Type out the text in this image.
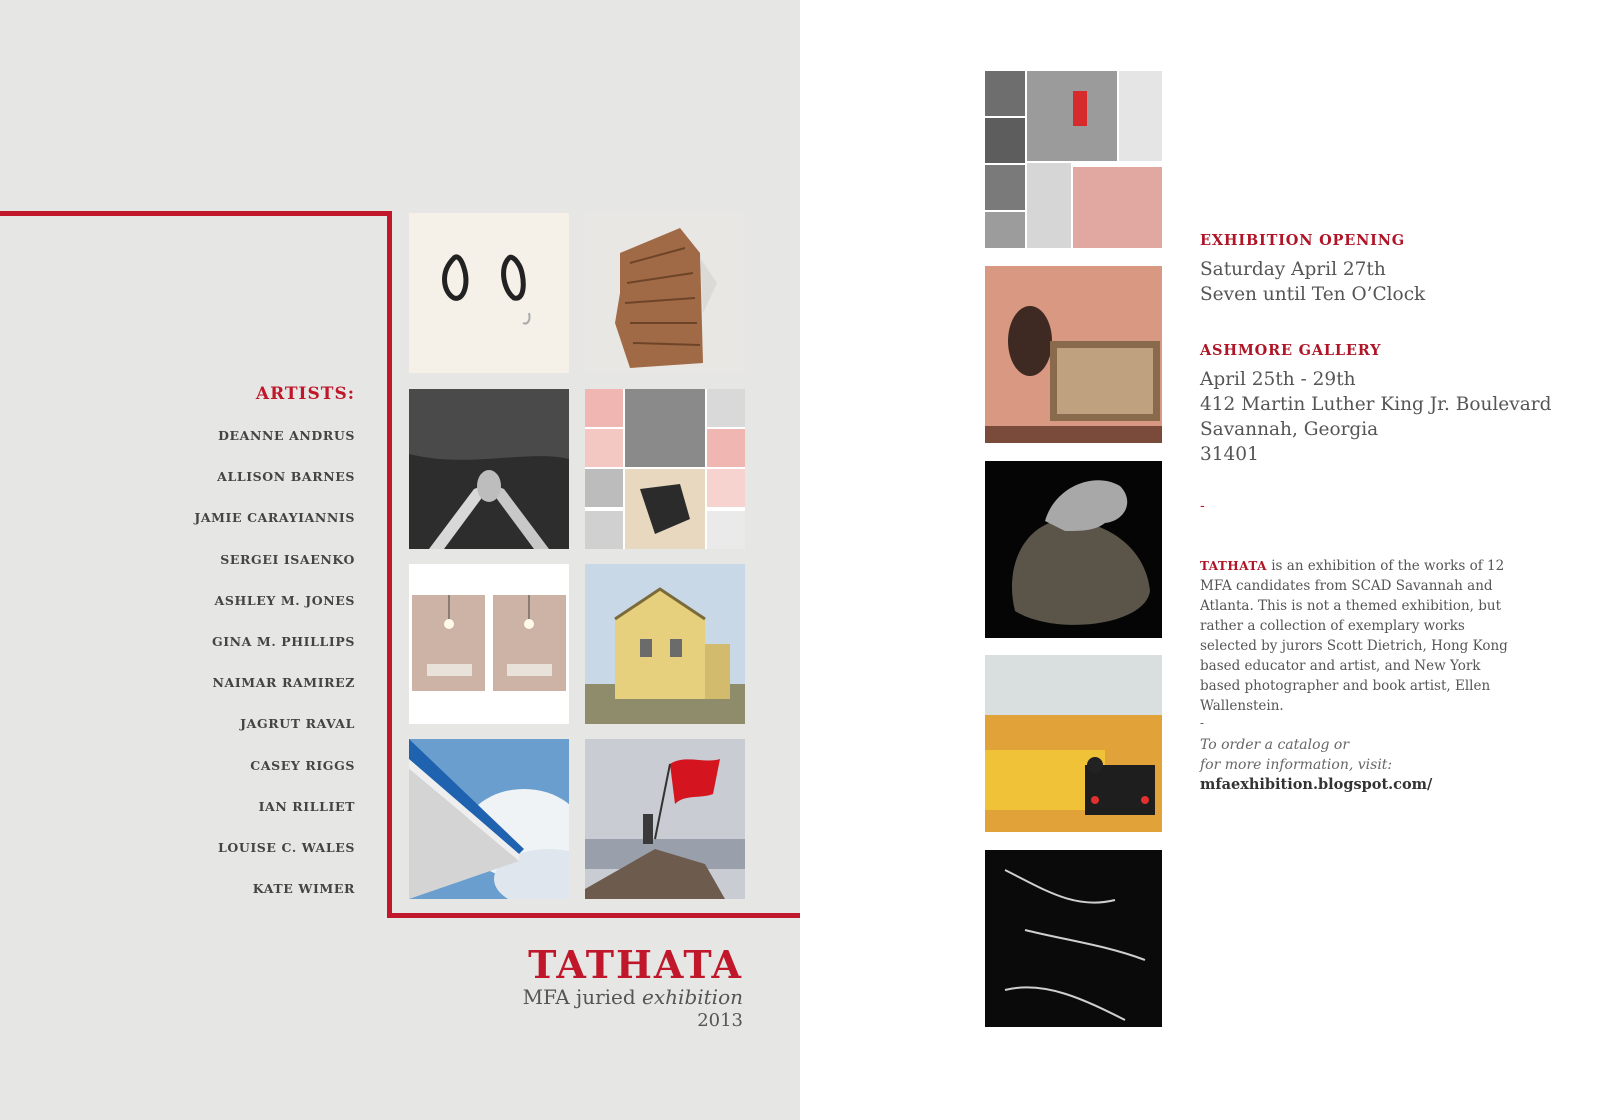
ARTISTS:
DEANNE ANDRUS
ALLISON BARNES
JAMIE CARAYIANNIS
SERGEI ISAENKO
ASHLEY M. JONES
GINA M. PHILLIPS
NAIMAR RAMIREZ
JAGRUT RAVAL
CASEY RIGGS
IAN RILLIET
LOUISE C. WALES
KATE WIMER
TATHATA
MFA juried exhibition
2013
EXHIBITION OPENING
Saturday April 27th
Seven until Ten O’Clock
ASHMORE GALLERY
April 25th - 29th
412 Martin Luther King Jr. Boulevard
Savannah, Georgia
31401
-
TATHATA is an exhibition of the works of 12 MFA candidates from SCAD Savannah and Atlanta. This is not a themed exhibition, but rather a collection of exemplary works selected by jurors Scott Dietrich, Hong Kong based educator and artist, and New York based photographer and book artist, Ellen Wallenstein.
-
To order a catalog or
for more information, visit:
mfaexhibition.blogspot.com/
